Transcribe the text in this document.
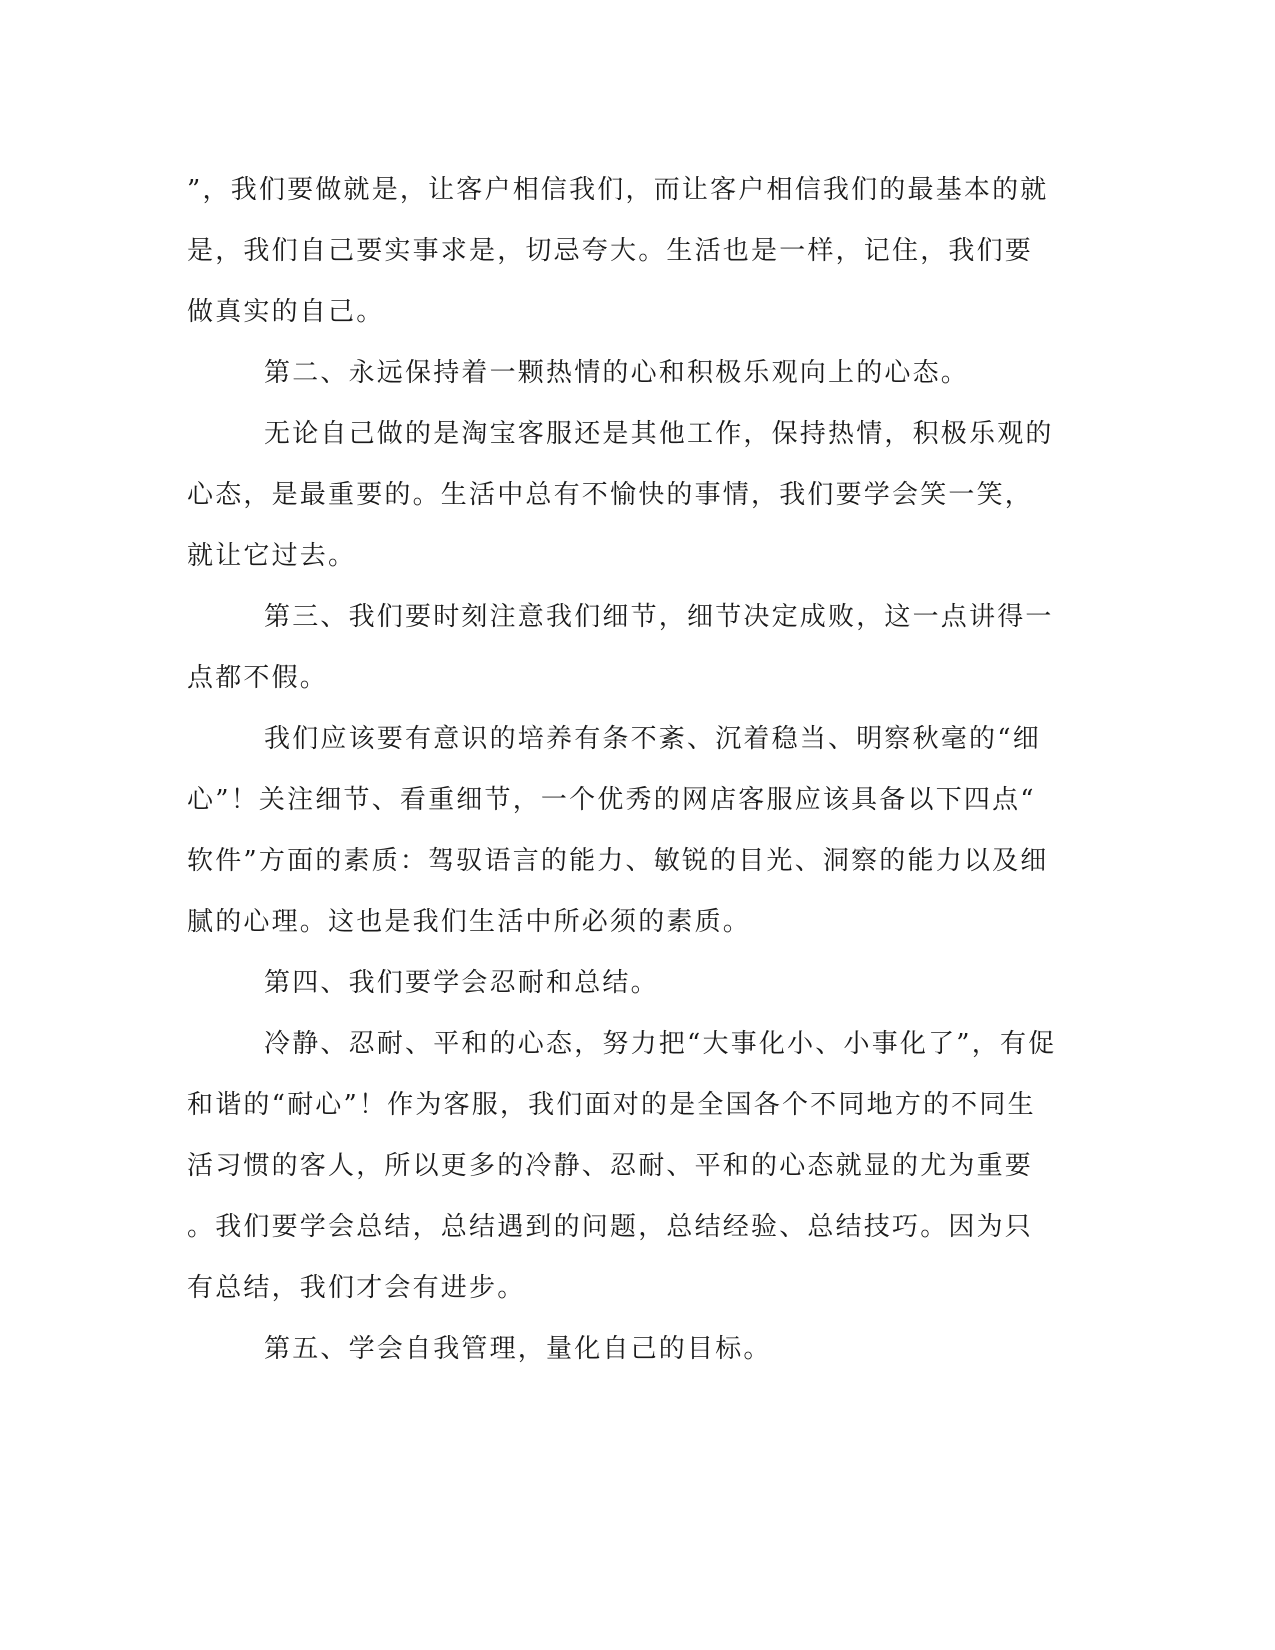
”，我们要做就是，让客户相信我们，而让客户相信我们的最基本的就

是，我们自己要实事求是，切忌夸大。生活也是一样，记住，我们要

做真实的自己。

第二、永远保持着一颗热情的心和积极乐观向上的心态。

无论自己做的是淘宝客服还是其他工作，保持热情，积极乐观的

心态，是最重要的。生活中总有不愉快的事情，我们要学会笑一笑，

就让它过去。

第三、我们要时刻注意我们细节，细节决定成败，这一点讲得一

点都不假。

我们应该要有意识的培养有条不紊、沉着稳当、明察秋毫的“细

心”！关注细节、看重细节，一个优秀的网店客服应该具备以下四点“

软件”方面的素质：驾驭语言的能力、敏锐的目光、洞察的能力以及细

腻的心理。这也是我们生活中所必须的素质。

第四、我们要学会忍耐和总结。

冷静、忍耐、平和的心态，努力把“大事化小、小事化了”，有促

和谐的“耐心”！作为客服，我们面对的是全国各个不同地方的不同生

活习惯的客人，所以更多的冷静、忍耐、平和的心态就显的尤为重要

。我们要学会总结，总结遇到的问题，总结经验、总结技巧。因为只

有总结，我们才会有进步。

第五、学会自我管理，量化自己的目标。
